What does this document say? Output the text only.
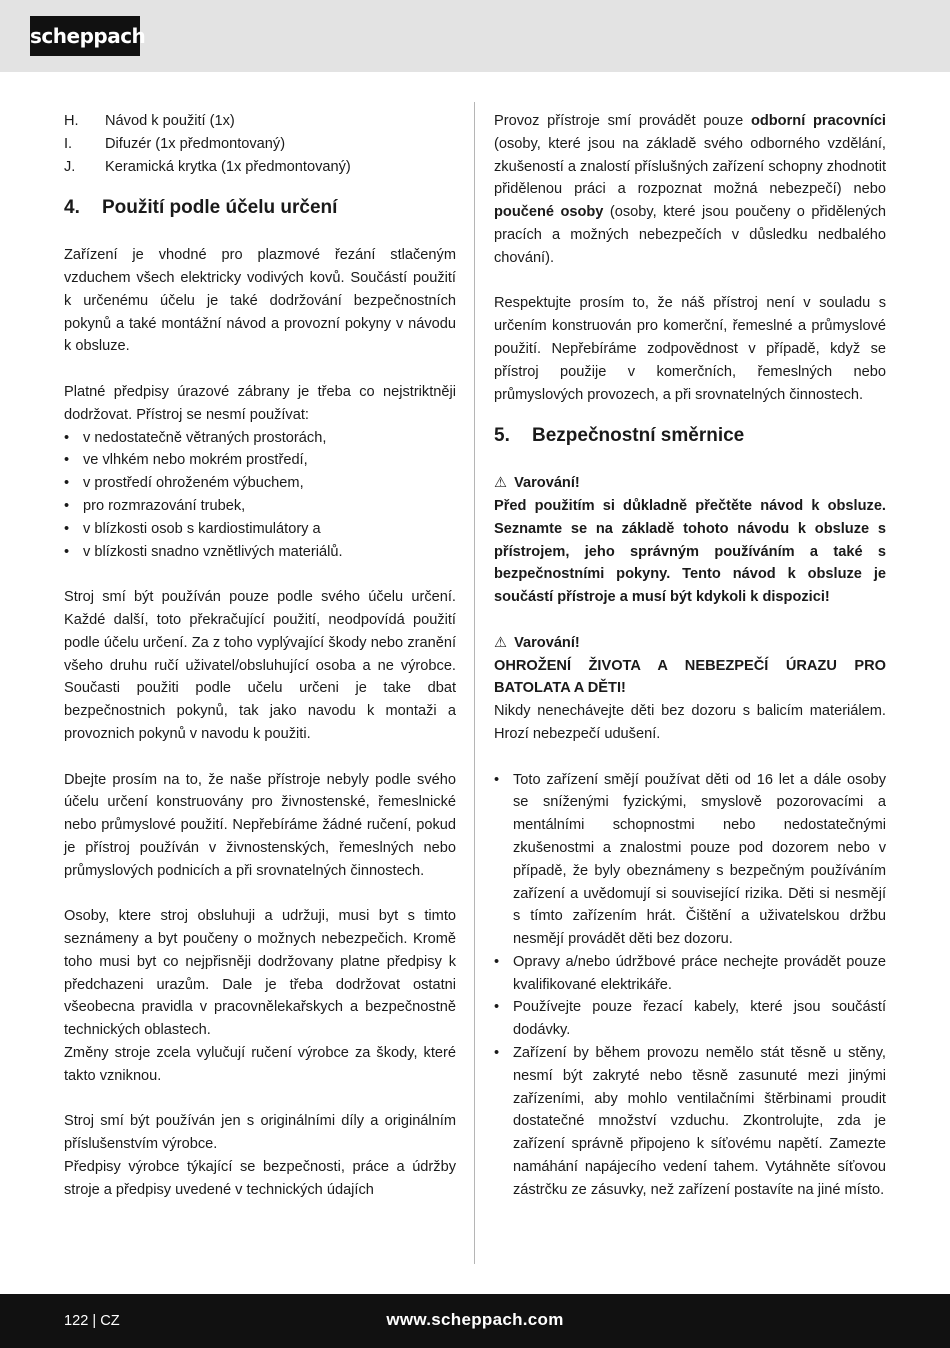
scheppach
H.	Návod k použití (1x)
I.	Difuzér (1x předmontovaný)
J.	Keramická krytka (1x předmontovaný)
4.	Použití podle účelu určení

Zařízení je vhodné pro plazmové řezání stlačeným vzduchem všech elektricky vodivých kovů. Součástí použití k určenému účelu je také dodržování bezpečnostních pokynů a také montážní návod a provozní pokyny v návodu k obsluze.

Platné předpisy úrazové zábrany je třeba co nejstriktněji dodržovat. Přístroj se nesmí používat:

• v nedostatečně větraných prostorách,
• ve vlhkém nebo mokrém prostředí,
• v prostředí ohroženém výbuchem,
• pro rozmrazování trubek,
• v blízkosti osob s kardiostimulátory a
• v blízkosti snadno vznětlivých materiálů.

Stroj smí být používán pouze podle svého účelu určení. Každé další, toto překračující použití, neodpovídá použití podle účelu určení. Za z toho vyplývající škody nebo zranění všeho druhu ručí uživatel/obsluhující osoba a ne výrobce. Současti použiti podle učelu určeni je take dbat bezpečnostnich pokynů, tak jako navodu k montaži a provoznich pokynů v navodu k použiti.

Dbejte prosím na to, že naše přístroje nebyly podle svého účelu určení konstruovány pro živnostenské, řemeslnické nebo průmyslové použití. Nepřebíráme žádné ručení, pokud je přístroj používán v živnostenských, řemeslných nebo průmyslových podnicích a při srovnatelných činnostech.

Osoby, ktere stroj obsluhuji a udržuji, musi byt s timto seznámeny a byt poučeny o možnych nebezpečich. Kromě toho musi byt co nejpřisněji dodržovany platne předpisy k předchazeni urazům. Dale je třeba dodržovat ostatni všeobecna pravidla v pracovnělekařskych a bezpečnostně technických oblastech.

Změny stroje zcela vylučují ručení výrobce za škody, které takto vzniknou.

Stroj smí být používán jen s originálními díly a originálním příslušenstvím výrobce.

Předpisy výrobce týkající se bezpečnosti, práce a údržby stroje a předpisy uvedené v technických údajích

Provoz přístroje smí provádět pouze odborní pracovníci (osoby, které jsou na základě svého odborného vzdělání, zkušeností a znalostí příslušných zařízení schopny zhodnotit přidělenou práci a rozpoznat možná nebezpečí) nebo poučené osoby (osoby, které jsou poučeny o přidělených pracích a možných nebezpečích v důsledku nedbalého chování).

Respektujte prosím to, že náš přístroj není v souladu s určením konstruován pro komerční, řemeslné a průmyslové použití. Nepřebíráme zodpovědnost v případě, když se přístroj použije v komerčních, řemeslných nebo průmyslových provozech, a při srovnatelných činnostech.

5.	Bezpečnostní směrnice

⚠ Varování!

Před použitím si důkladně přečtěte návod k obsluze. Seznamte se na základě tohoto návodu k obsluze s přístrojem, jeho správným používáním a také s bezpečnostními pokyny. Tento návod k obsluze je součástí přístroje a musí být kdykoli k dispozici!

⚠ Varování!

OHROŽENÍ ŽIVOTA A NEBEZPEČÍ ÚRAZU PRO BATOLATA A DĚTI!

Nikdy nenechávejte děti bez dozoru s balicím materiálem. Hrozí nebezpečí udušení.

• Toto zařízení smějí používat děti od 16 let a dále osoby se sníženými fyzickými, smyslově pozorovacími a mentálními schopnostmi nebo nedostatečnými zkušenostmi a znalostmi pouze pod dozorem nebo v případě, že byly obeznámeny s bezpečným používáním zařízení a uvědomují si související rizika. Děti si nesmějí s tímto zařízením hrát. Čištění a uživatelskou držbu nesmějí provádět děti bez dozoru.
• Opravy a/nebo údržbové práce nechejte provádět pouze kvalifikované elektrikáře.
• Používejte pouze řezací kabely, které jsou součástí dodávky.
• Zařízení by během provozu nemělo stát těsně u stěny, nesmí být zakryté nebo těsně zasunuté mezi jinými zařízeními, aby mohlo ventilačními štěrbinami proudit dostatečné množství vzduchu. Zkontrolujte, zda je zařízení správně připojeno k síťovému napětí. Zamezte namáhání napájecího vedení tahem. Vytáhněte síťovou zástrčku ze zásuvky, než zařízení postavíte na jiné místo.
122 | CZ	www.scheppach.com
